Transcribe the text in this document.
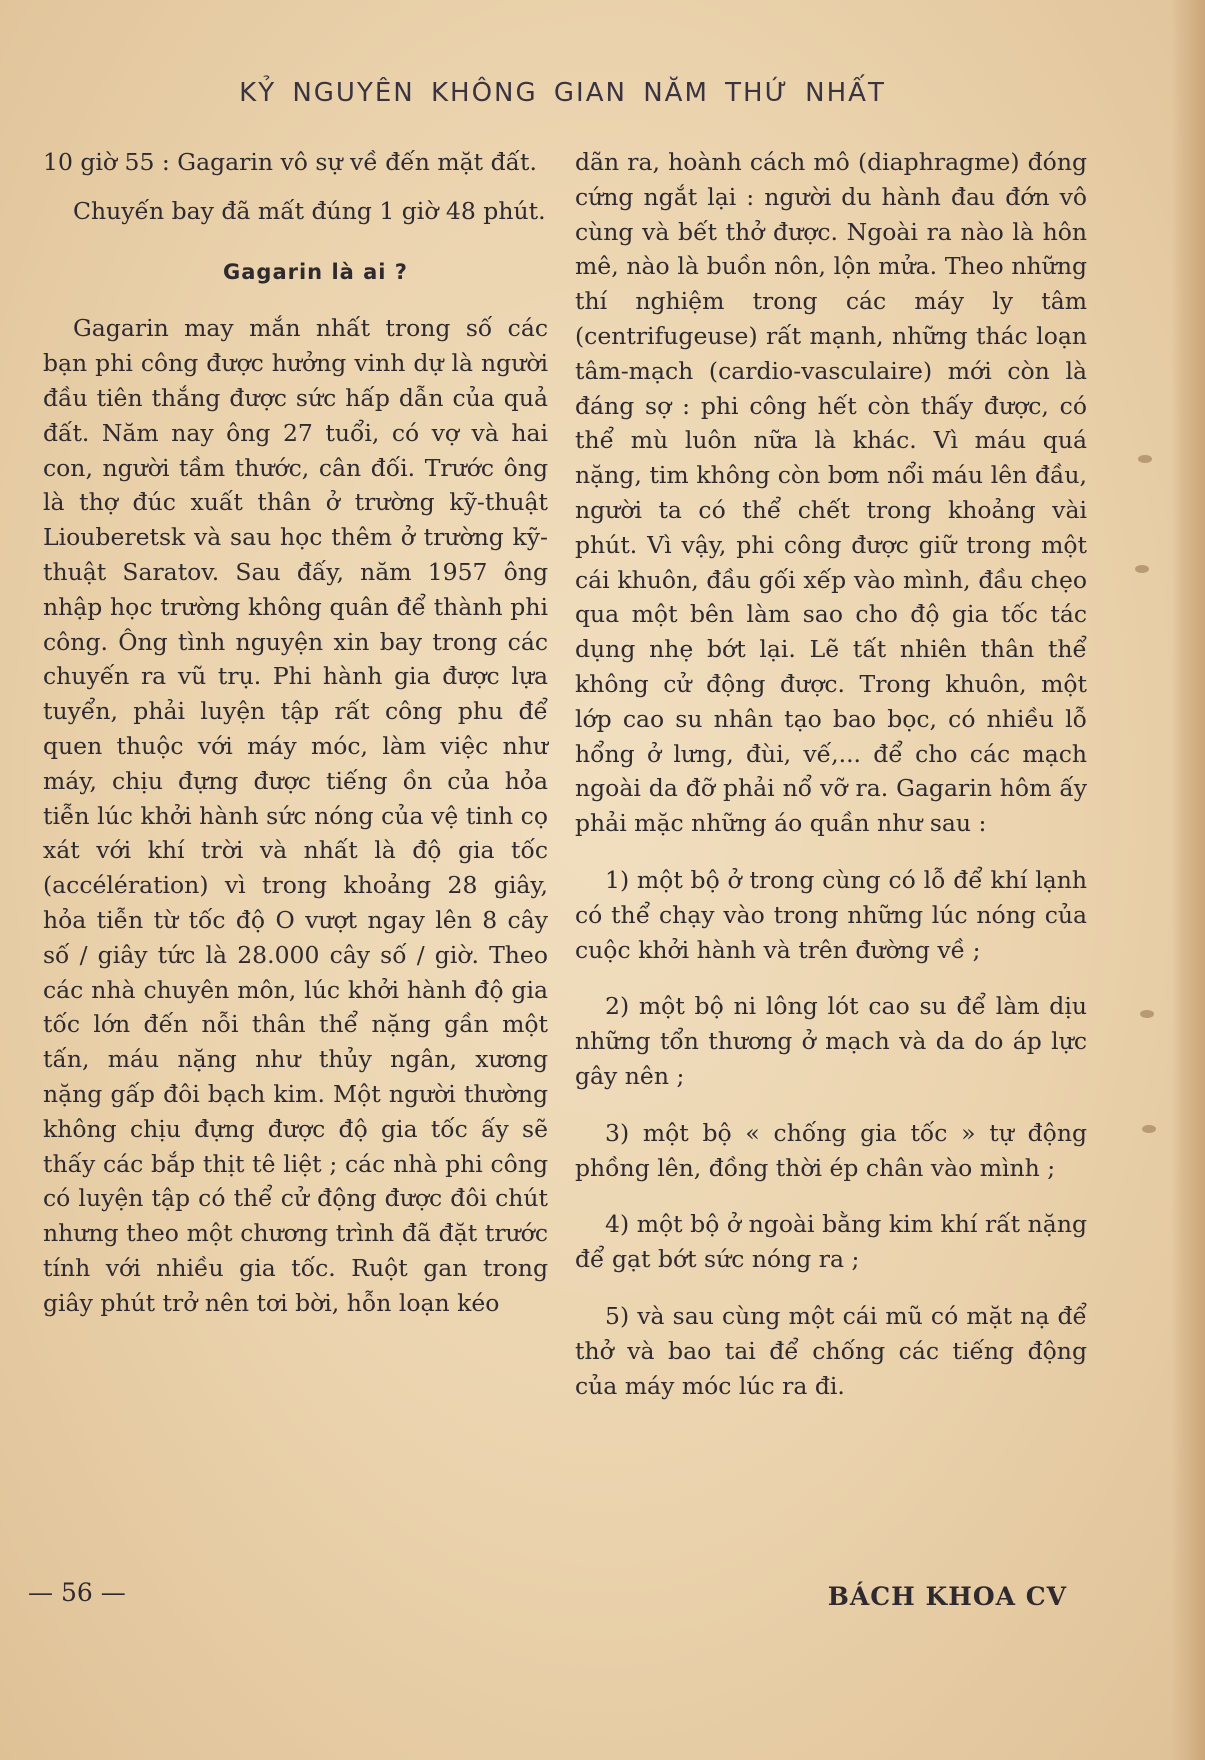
KỶ NGUYÊN KHÔNG GIAN NĂM THỨ NHẤT

10 giờ 55 : Gagarin vô sự về đến mặt đất.

Chuyến bay đã mất đúng 1 giờ 48 phút.

Gagarin là ai ?

Gagarin may mắn nhất trong số các bạn phi công được hưởng vinh dự là người đầu tiên thắng được sức hấp dẫn của quả đất. Năm nay ông 27 tuổi, có vợ và hai con, người tầm thước, cân đối. Trước ông là thợ đúc xuất thân ở trường kỹ-thuật Liouberetsk và sau học thêm ở trường kỹ-thuật Saratov. Sau đấy, năm 1957 ông nhập học trường không quân để thành phi công. Ông tình nguyện xin bay trong các chuyến ra vũ trụ. Phi hành gia được lựa tuyển, phải luyện tập rất công phu để quen thuộc với máy móc, làm việc như máy, chịu đựng được tiếng ồn của hỏa tiễn lúc khởi hành sức nóng của vệ tinh cọ xát với khí trời và nhất là độ gia tốc (accélération) vì trong khoảng 28 giây, hỏa tiễn từ tốc độ O vượt ngay lên 8 cây số / giây tức là 28.000 cây số / giờ. Theo các nhà chuyên môn, lúc khởi hành độ gia tốc lớn đến nỗi thân thể nặng gần một tấn, máu nặng như thủy ngân, xương nặng gấp đôi bạch kim. Một người thường không chịu đựng được độ gia tốc ấy sẽ thấy các bắp thịt tê liệt ; các nhà phi công có luyện tập có thể cử động được đôi chút nhưng theo một chương trình đã đặt trước tính với nhiều gia tốc. Ruột gan trong giây phút trở nên tơi bời, hỗn loạn kéo

dãn ra, hoành cách mô (diaphragme) đóng cứng ngắt lại : người du hành đau đớn vô cùng và bết thở được. Ngoài ra nào là hôn mê, nào là buồn nôn, lộn mửa. Theo những thí nghiệm trong các máy ly tâm (centrifugeuse) rất mạnh, những thác loạn tâm-mạch (cardio-vasculaire) mới còn là đáng sợ : phi công hết còn thấy được, có thể mù luôn nữa là khác. Vì máu quá nặng, tim không còn bơm nổi máu lên đầu, người ta có thể chết trong khoảng vài phút. Vì vậy, phi công được giữ trong một cái khuôn, đầu gối xếp vào mình, đầu chẹo qua một bên làm sao cho độ gia tốc tác dụng nhẹ bớt lại. Lẽ tất nhiên thân thể không cử động được. Trong khuôn, một lớp cao su nhân tạo bao bọc, có nhiều lỗ hổng ở lưng, đùi, vế,... để cho các mạch ngoài da đỡ phải nổ vỡ ra. Gagarin hôm ấy phải mặc những áo quần như sau :

1) một bộ ở trong cùng có lỗ để khí lạnh có thể chạy vào trong những lúc nóng của cuộc khởi hành và trên đường về ;

2) một bộ ni lông lót cao su để làm dịu những tổn thương ở mạch và da do áp lực gây nên ;

3) một bộ « chống gia tốc » tự động phồng lên, đồng thời ép chân vào mình ;

4) một bộ ở ngoài bằng kim khí rất nặng để gạt bớt sức nóng ra ;

5) và sau cùng một cái mũ có mặt nạ để thở và bao tai để chống các tiếng động của máy móc lúc ra đi.

— 56 —	BÁCH KHOA CV
